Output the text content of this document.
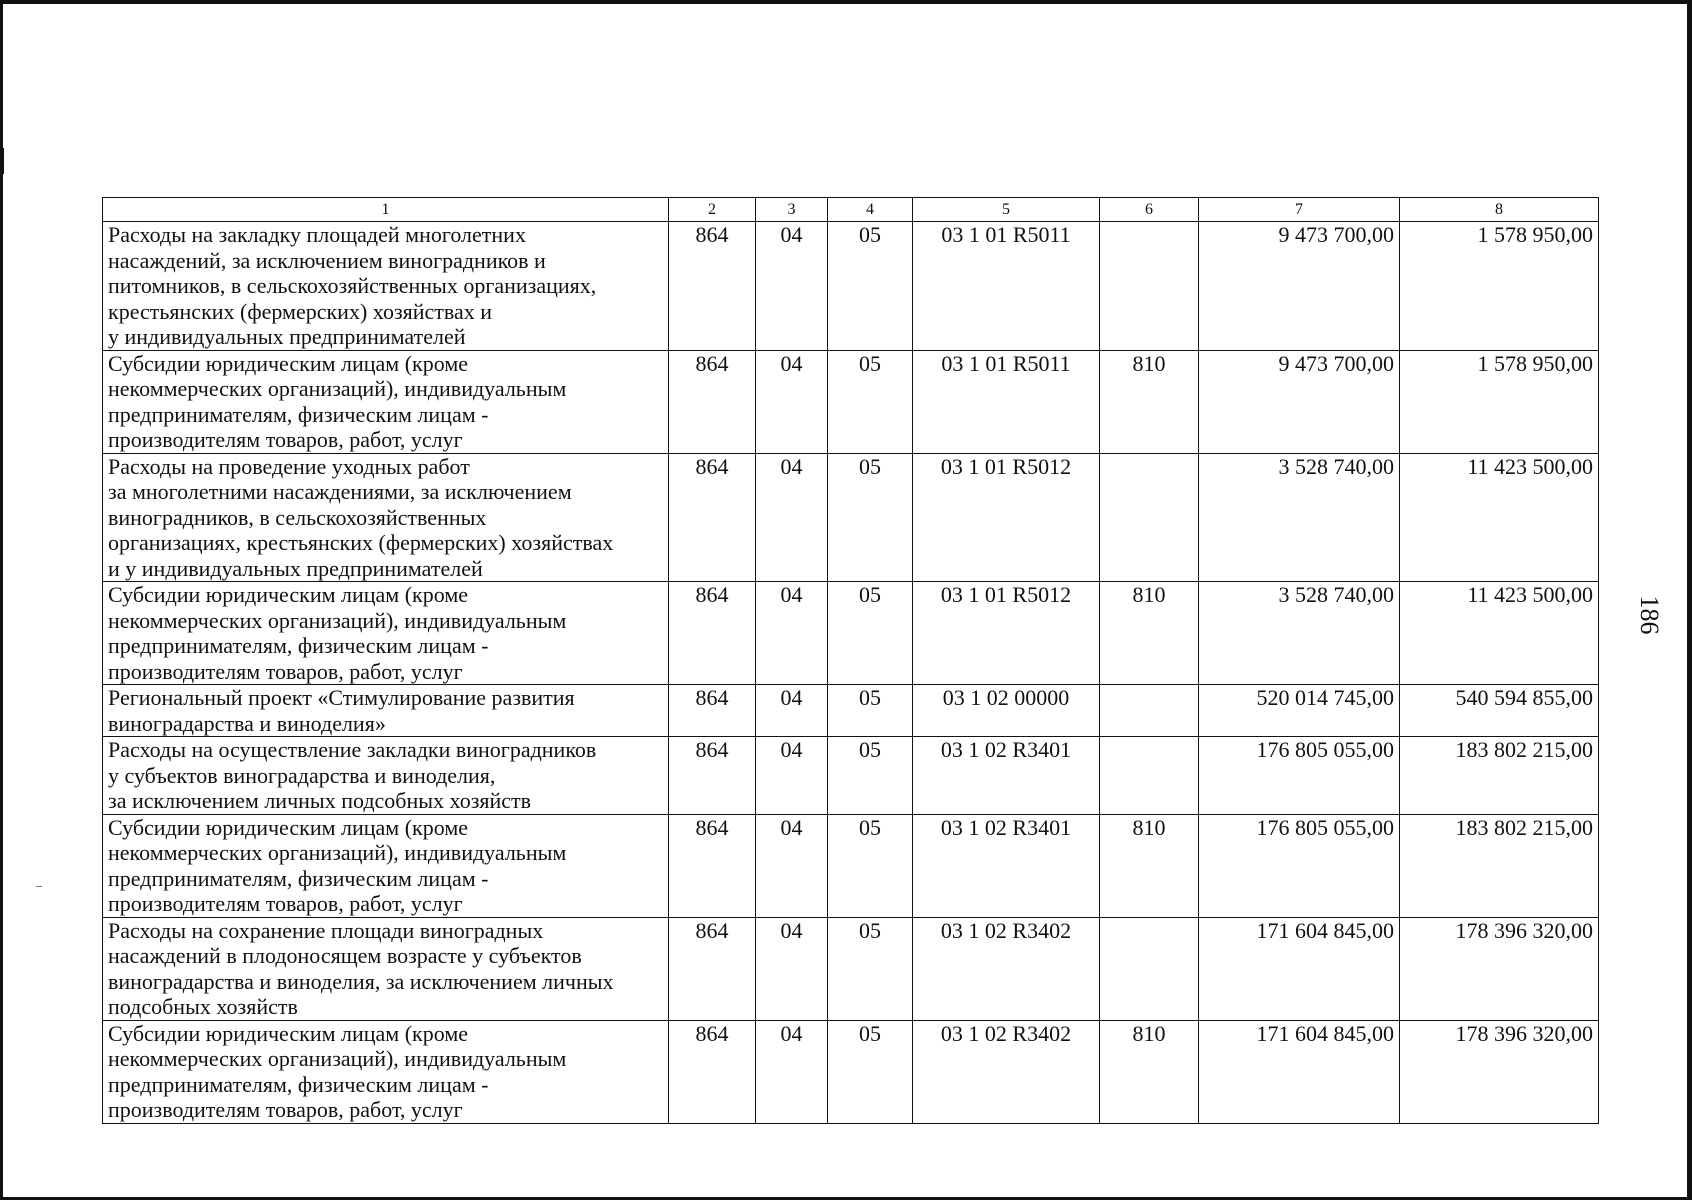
186
1	2	3	4	5	6	7	8
Расходы на закладку площадей многолетних
насаждений, за исключением виноградников и
питомников, в сельскохозяйственных организациях,
крестьянских (фермерских) хозяйствах и
у индивидуальных предпринимателей	864	04	05	03 1 01 R5011		9 473 700,00	1 578 950,00
Субсидии юридическим лицам (кроме
некоммерческих организаций), индивидуальным
предпринимателям, физическим лицам -
производителям товаров, работ, услуг	864	04	05	03 1 01 R5011	810	9 473 700,00	1 578 950,00
Расходы на проведение уходных работ
за многолетними насаждениями, за исключением
виноградников, в сельскохозяйственных
организациях, крестьянских (фермерских) хозяйствах
и у индивидуальных предпринимателей	864	04	05	03 1 01 R5012		3 528 740,00	11 423 500,00
Субсидии юридическим лицам (кроме
некоммерческих организаций), индивидуальным
предпринимателям, физическим лицам -
производителям товаров, работ, услуг	864	04	05	03 1 01 R5012	810	3 528 740,00	11 423 500,00
Региональный проект «Стимулирование развития
виноградарства и виноделия»	864	04	05	03 1 02 00000		520 014 745,00	540 594 855,00
Расходы на осуществление закладки виноградников
у субъектов виноградарства и виноделия,
за исключением личных подсобных хозяйств	864	04	05	03 1 02 R3401		176 805 055,00	183 802 215,00
Субсидии юридическим лицам (кроме
некоммерческих организаций), индивидуальным
предпринимателям, физическим лицам -
производителям товаров, работ, услуг	864	04	05	03 1 02 R3401	810	176 805 055,00	183 802 215,00
Расходы на сохранение площади виноградных
насаждений в плодоносящем возрасте у субъектов
виноградарства и виноделия, за исключением личных
подсобных хозяйств	864	04	05	03 1 02 R3402		171 604 845,00	178 396 320,00
Субсидии юридическим лицам (кроме
некоммерческих организаций), индивидуальным
предпринимателям, физическим лицам -
производителям товаров, работ, услуг	864	04	05	03 1 02 R3402	810	171 604 845,00	178 396 320,00
